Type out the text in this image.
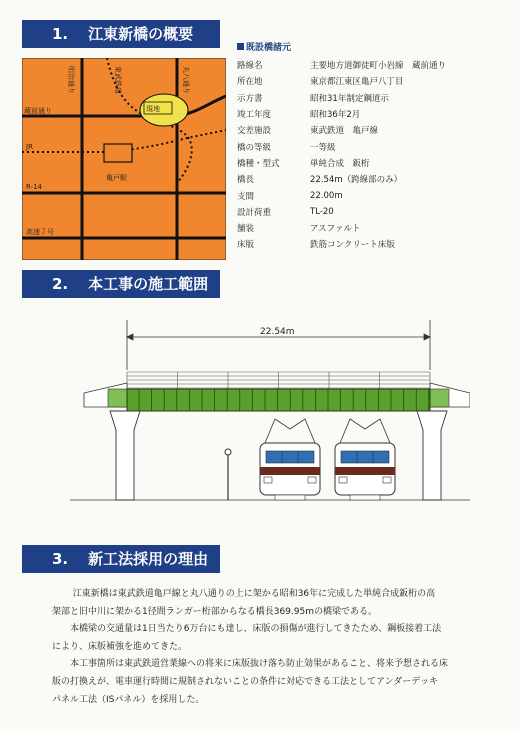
1. 江東新橋の概要
2. 本工事の施工範囲
3. 新工法採用の理由
現地
蔵前通り
JR
亀戸駅
R-14
高速７号
明治通り	東武鉄道	丸八通り
既設橋諸元
路線名	主要地方道御徒町小岩線　蔵前通り
所在地	東京都江東区亀戸八丁目
示方書	昭和31年制定鋼道示
竣工年度	昭和36年2月
交差施設	東武鉄道　亀戸線
橋の等級	一等級
橋種・型式	単純合成　鈑桁
橋長	22.54m（跨線部のみ）
支間	22.00m
設計荷重	TL-20
舗装	アスファルト
床版	鉄筋コンクリート床版
22.54m

江東新橋は東武鉄道亀戸線と丸八通りの上に架かる昭和36年に完成した単純合成鈑桁の高

架部と旧中川に架かる1径間ランガー桁部からなる橋長369.95mの橋梁である。

本橋梁の交通量は1日当たり6万台にも達し、床版の損傷が進行してきたため、鋼板接着工法

により、床版補強を進めてきた。

本工事箇所は東武鉄道営業線への将来に床版抜け落ち防止効果があること、将来予想される床

版の打換えが、電車運行時間に規制されないことの条件に対応できる工法としてアンダーデッキ

パネル工法（ISパネル）を採用した。
